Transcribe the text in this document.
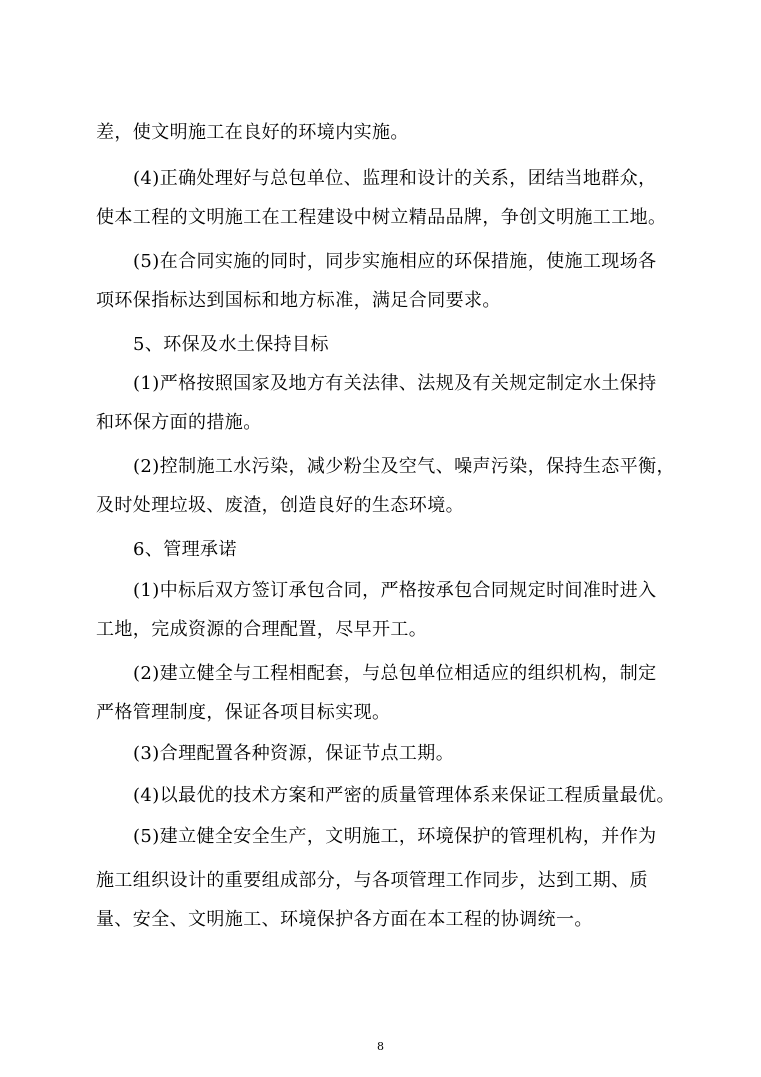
差，使文明施工在良好的环境内实施。
(4)正确处理好与总包单位、监理和设计的关系，团结当地群众，
使本工程的文明施工在工程建设中树立精品品牌，争创文明施工工地。
(5)在合同实施的同时，同步实施相应的环保措施，使施工现场各
项环保指标达到国标和地方标准，满足合同要求。
5、环保及水土保持目标
(1)严格按照国家及地方有关法律、法规及有关规定制定水土保持
和环保方面的措施。
(2)控制施工水污染，减少粉尘及空气、噪声污染，保持生态平衡，
及时处理垃圾、废渣，创造良好的生态环境。
6、管理承诺
(1)中标后双方签订承包合同，严格按承包合同规定时间准时进入
工地，完成资源的合理配置，尽早开工。
(2)建立健全与工程相配套，与总包单位相适应的组织机构，制定
严格管理制度，保证各项目标实现。
(3)合理配置各种资源，保证节点工期。
(4)以最优的技术方案和严密的质量管理体系来保证工程质量最优。
(5)建立健全安全生产，文明施工，环境保护的管理机构，并作为
施工组织设计的重要组成部分，与各项管理工作同步，达到工期、质
量、安全、文明施工、环境保护各方面在本工程的协调统一。
8
